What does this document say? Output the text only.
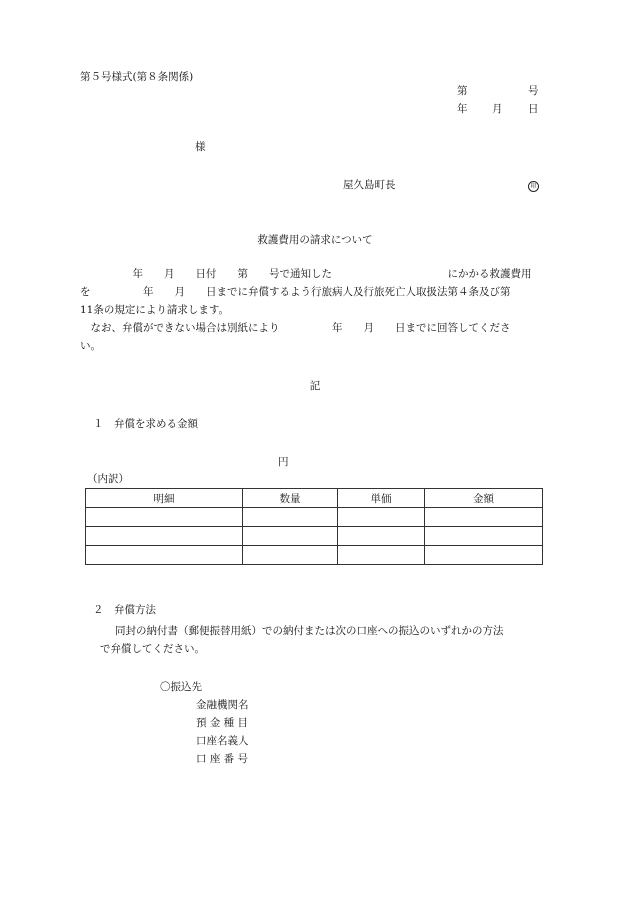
第５号様式(第８条関係)
第	号
年 月 日
様
屋久島町長	印
救護費用の請求について
　　　　　年　　月　　日付　　第　　号で通知した　　　　　　　　　　　にかかる救護費用
を　　　　　年　　月　　日までに弁償するよう行旅病人及行旅死亡人取扱法第４条及び第
11条の規定により請求します。
　なお、弁償ができない場合は別紙により　　　　　年　　月　　日までに回答してくださ
い。
記
１　弁償を求める金額
円
（内訳）
明細	数量	単価	金額

２　弁償方法
同封の納付書（郵便振替用紙）での納付または次の口座への振込のいずれかの方法
で弁償してください。
〇振込先
金融機関名
預 金 種 目
口座名義人
口 座 番 号
